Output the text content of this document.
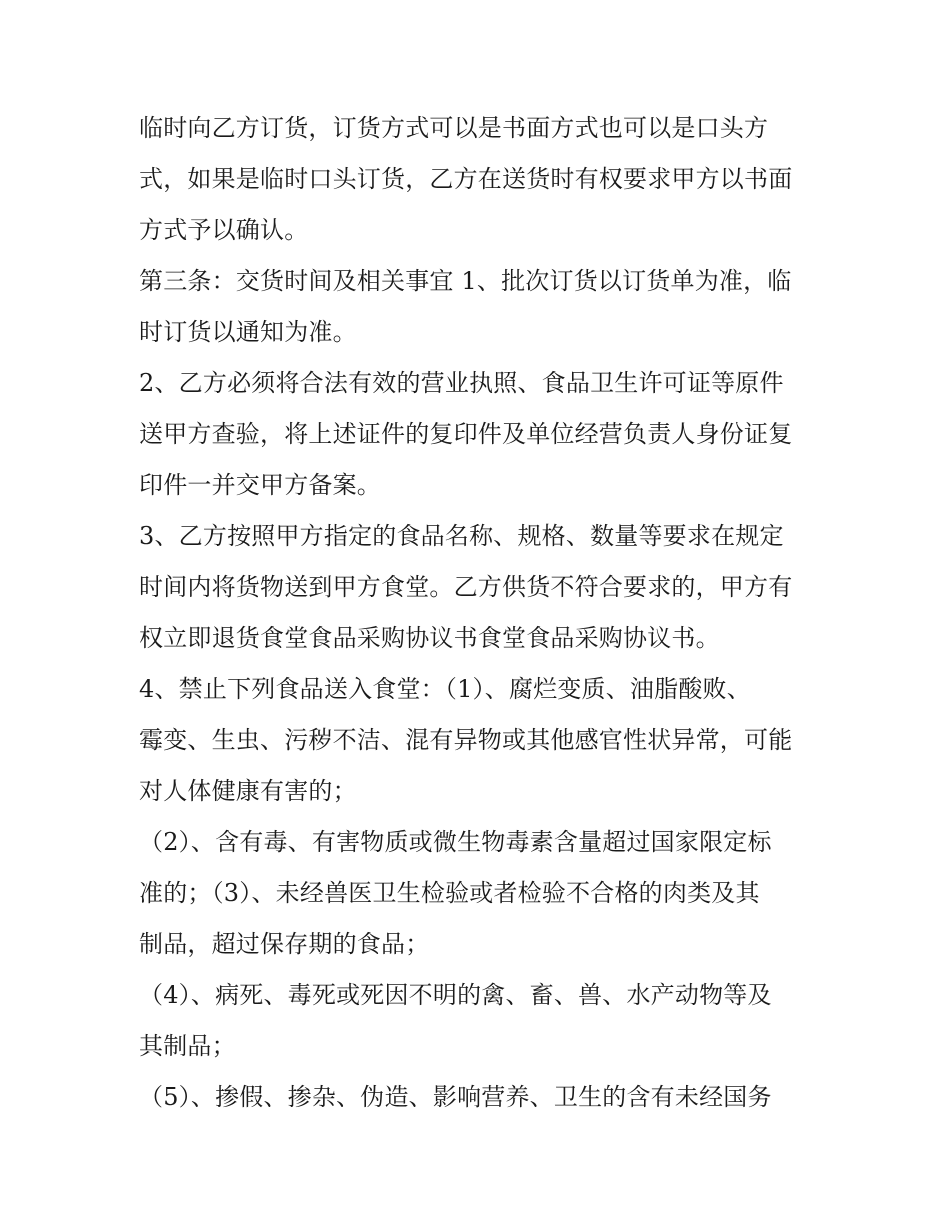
临时向乙方订货，订货方式可以是书面方式也可以是口头方
式，如果是临时口头订货，乙方在送货时有权要求甲方以书面
方式予以确认。

第三条：交货时间及相关事宜 1、批次订货以订货单为准，临
时订货以通知为准。

2、乙方必须将合法有效的营业执照、食品卫生许可证等原件
送甲方查验，将上述证件的复印件及单位经营负责人身份证复
印件一并交甲方备案。

3、乙方按照甲方指定的食品名称、规格、数量等要求在规定
时间内将货物送到甲方食堂。乙方供货不符合要求的，甲方有
权立即退货食堂食品采购协议书食堂食品采购协议书。

4、禁止下列食品送入食堂：（1）、腐烂变质、油脂酸败、
霉变、生虫、污秽不洁、混有异物或其他感官性状异常，可能
对人体健康有害的；

（2）、含有毒、有害物质或微生物毒素含量超过国家限定标
准的；（3）、未经兽医卫生检验或者检验不合格的肉类及其
制品，超过保存期的食品；

（4）、病死、毒死或死因不明的禽、畜、兽、水产动物等及
其制品；

（5）、掺假、掺杂、伪造、影响营养、卫生的含有未经国务
